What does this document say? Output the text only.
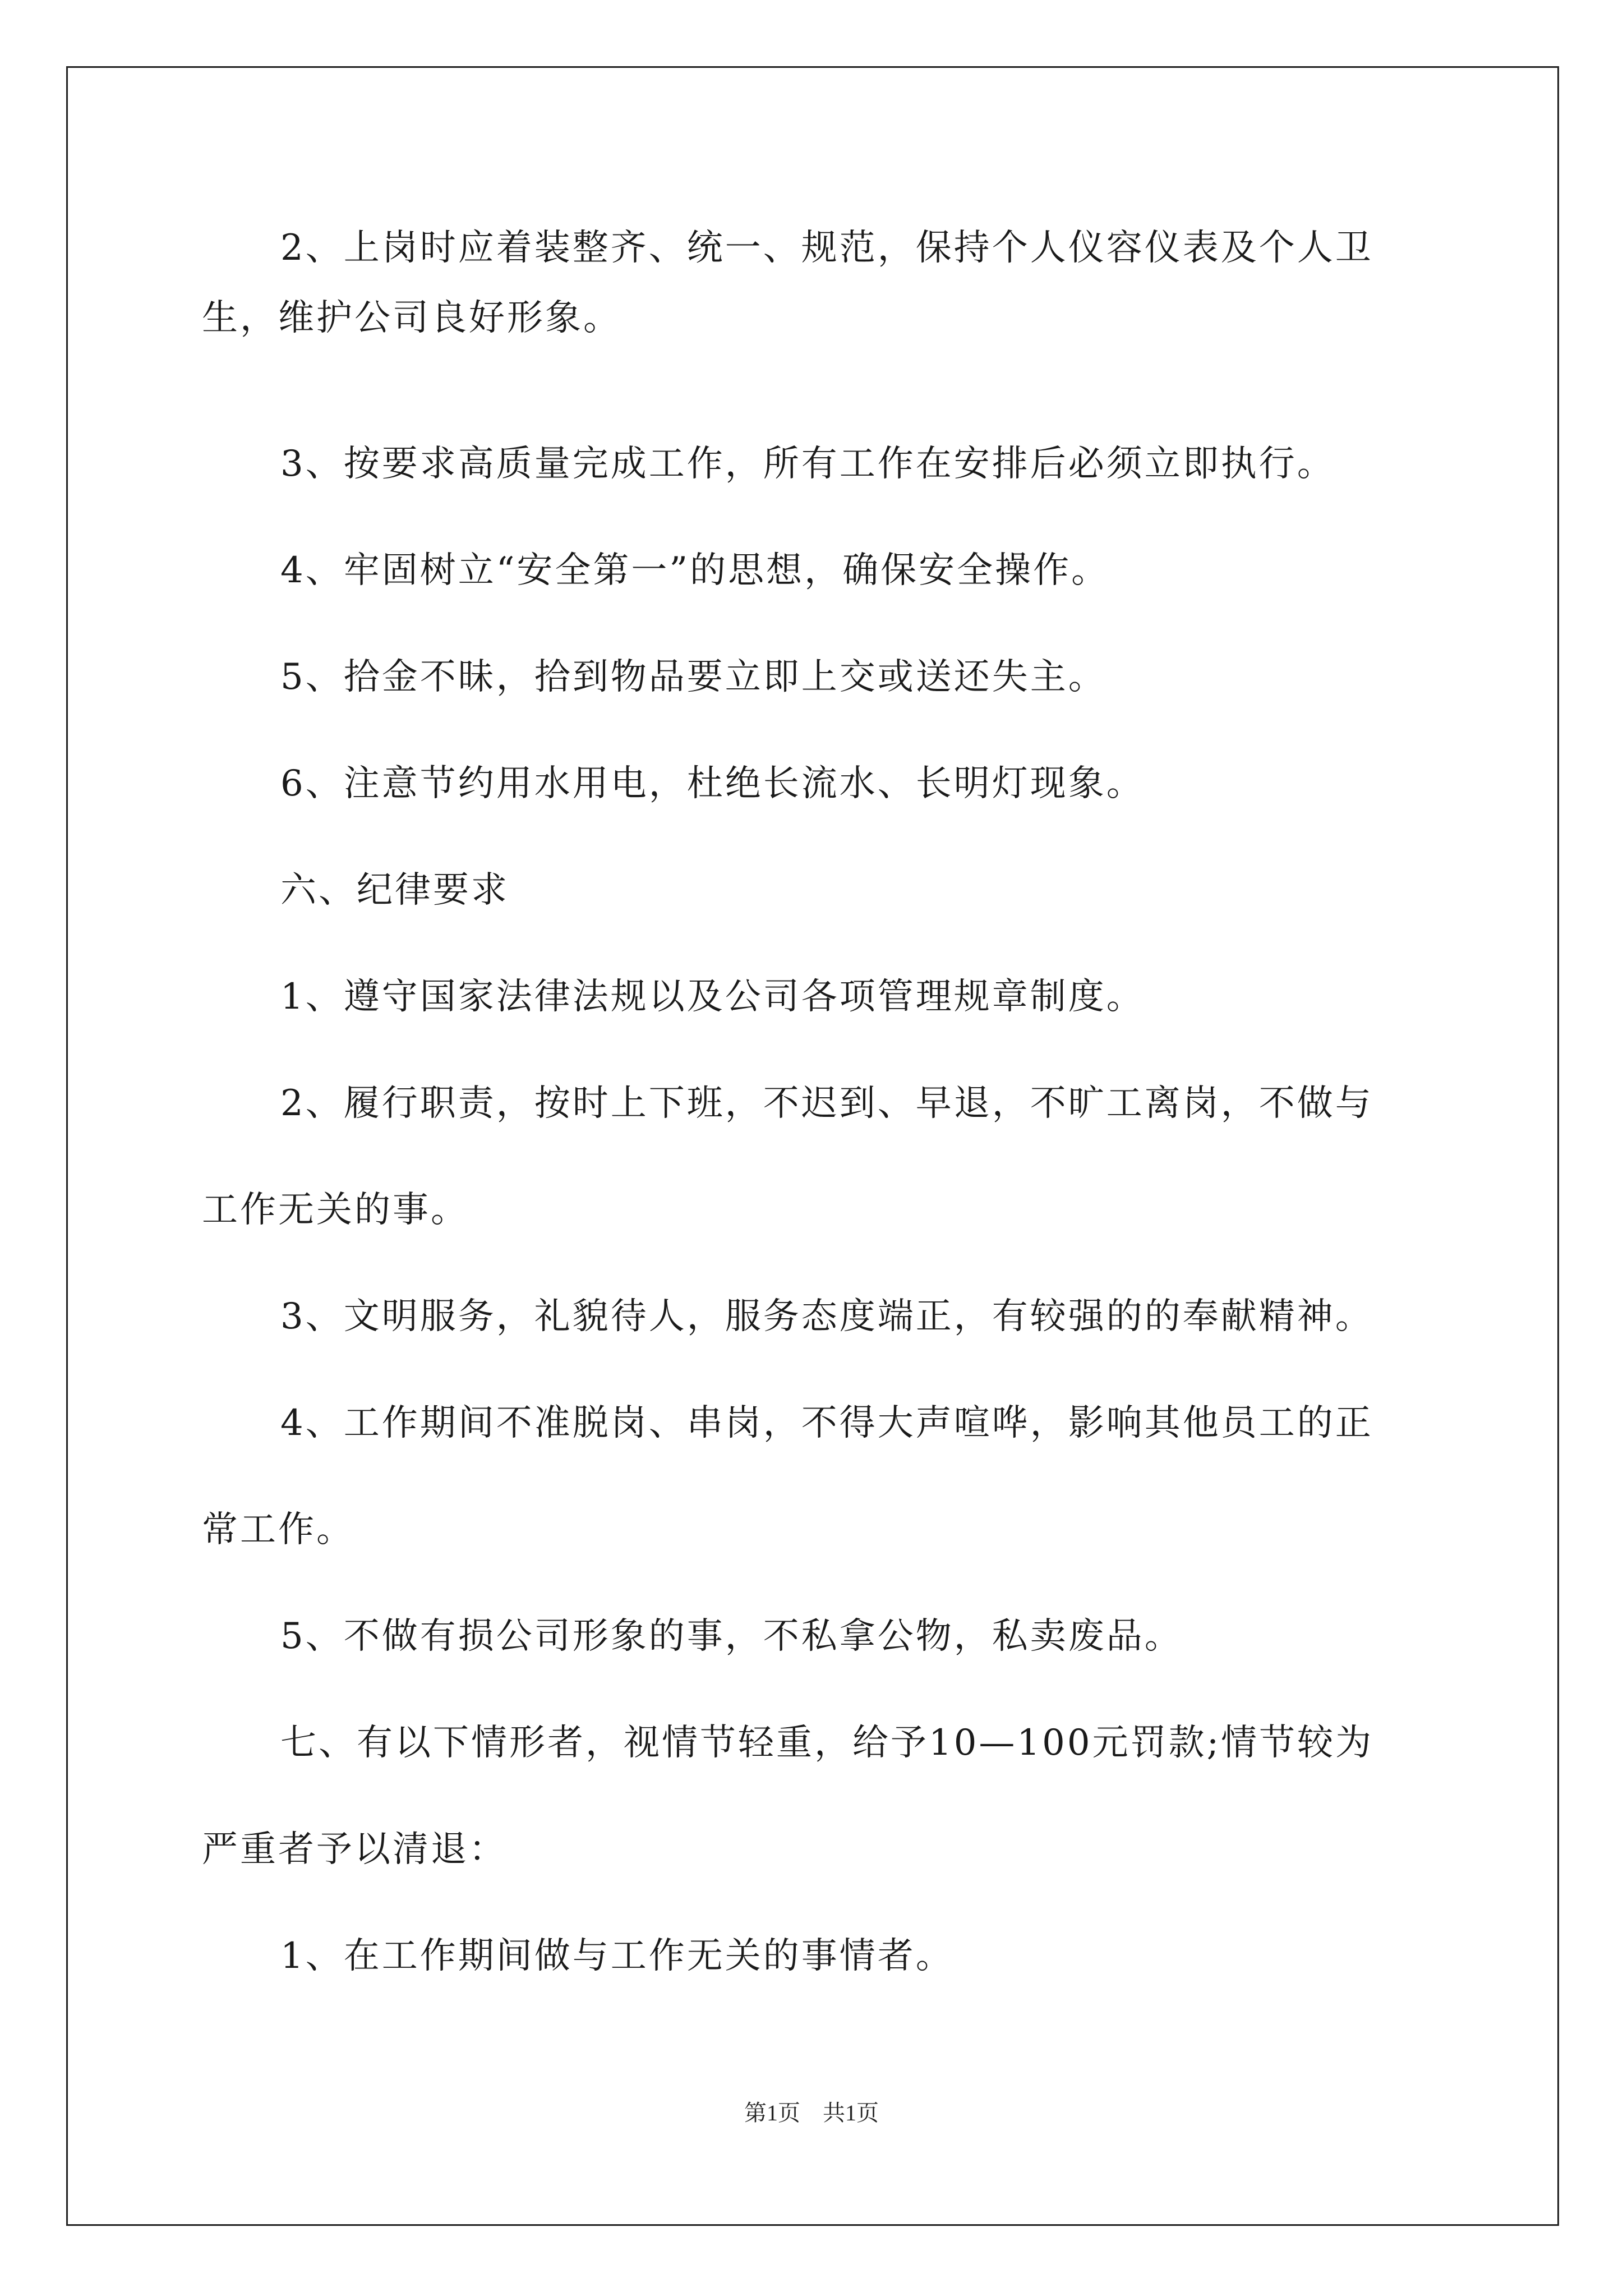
2、上岗时应着装整齐、统一、规范，保持个人仪容仪表及个人卫
生，维护公司良好形象。
3、按要求高质量完成工作，所有工作在安排后必须立即执行。
4、牢固树立“安全第一”的思想，确保安全操作。
5、拾金不昧，拾到物品要立即上交或送还失主。
6、注意节约用水用电，杜绝长流水、长明灯现象。
六、纪律要求
1、遵守国家法律法规以及公司各项管理规章制度。
2、履行职责，按时上下班，不迟到、早退，不旷工离岗，不做与
工作无关的事。
3、文明服务，礼貌待人，服务态度端正，有较强的的奉献精神。
4、工作期间不准脱岗、串岗，不得大声喧哗，影响其他员工的正
常工作。
5、不做有损公司形象的事，不私拿公物，私卖废品。
七、有以下情形者，视情节轻重，给予10—100元罚款;情节较为
严重者予以清退：
1、在工作期间做与工作无关的事情者。
第1页 共1页
